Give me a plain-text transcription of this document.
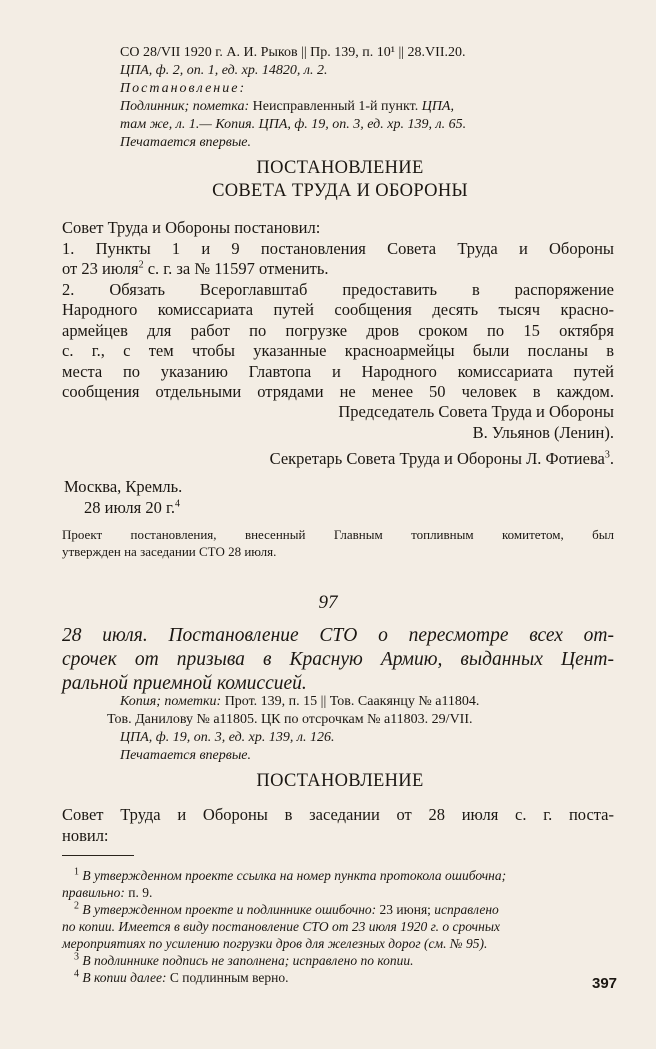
СО 28/VII 1920 г. А. И. Рыков || Пр. 139, п. 10¹ || 28.VII.20.
ЦПА, ф. 2, оп. 1, ед. хр. 14820, л. 2.
Постановление:
Подлинник; пометка: Неисправленный 1-й пункт. ЦПА,
там же, л. 1.— Копия. ЦПА, ф. 19, оп. 3, ед. хр. 139, л. 65.
Печатается впервые.
ПОСТАНОВЛЕНИЕ
СОВЕТА ТРУДА И ОБОРОНЫ
Совет Труда и Обороны постановил:
1. Пункты 1 и 9 постановления Совета Труда и Обороны
от 23 июля$^2$ с. г. за № 11597 отменить.
2. Обязать Всероглавштаб предоставить в распоряжение
Народного комиссариата путей сообщения десять тысяч красно-
армейцев для работ по погрузке дров сроком по 15 октября
с. г., с тем чтобы указанные красноармейцы были посланы в
места по указанию Главтопа и Народного комиссариата путей
сообщения отдельными отрядами не менее 50 человек в каждом.
Председатель Совета Труда и Обороны
В. Ульянов (Ленин).
Секретарь Совета Труда и Обороны Л. Фотиева$^3$.
Москва, Кремль.
28 июля 20 г.$^4$
Проект постановления, внесенный Главным топливным комитетом, был
утвержден на заседании СТО 28 июля.
97
28 июля. Постановление СТО о пересмотре всех от-
срочек от призыва в Красную Армию, выданных Цент-
ральной приемной комиссией.
Копия; пометки: Прот. 139, п. 15 || Тов. Саакянцу № а11804.
Тов. Данилову № а11805. ЦК по отсрочкам № а11803. 29/VII.
ЦПА, ф. 19, оп. 3, ед. хр. 139, л. 126.
Печатается впервые.
ПОСТАНОВЛЕНИЕ
Совет Труда и Обороны в заседании от 28 июля с. г. поста-
новил:
$^1$ В утвержденном проекте ссылка на номер пункта протокола ошибочна;
правильно: п. 9.
$^2$ В утвержденном проекте и подлиннике ошибочно: 23 июня; исправлено
по копии. Имеется в виду постановление СТО от 23 июля 1920 г. о срочных
мероприятиях по усилению погрузки дров для железных дорог (см. № 95).
$^3$ В подлиннике подпись не заполнена; исправлено по копии.
$^4$ В копии далее: С подлинным верно.	397
